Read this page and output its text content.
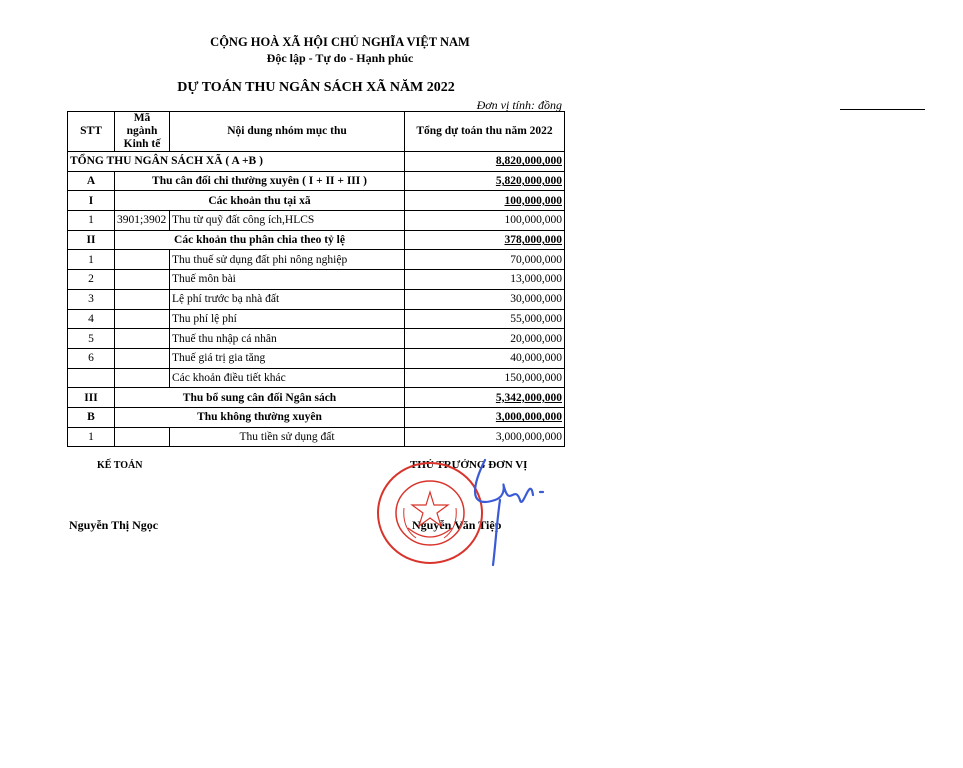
CỘNG HOÀ XÃ HỘI CHỦ NGHĨA VIỆT NAM
Độc lập - Tự do - Hạnh phúc
DỰ TOÁN THU NGÂN SÁCH XÃ NĂM 2022
Đơn vị tính: đồng
STT	Mã ngành Kinh tế	Nội dung nhóm mục thu	Tổng dự toán thu năm 2022
TỔNG THU NGÂN SÁCH XÃ ( A +B )			8,820,000,000
A	Thu cân đối chi thường xuyên ( I + II + III )		5,820,000,000
I	Các khoản thu tại xã		100,000,000
1	3901;3902	Thu từ quỹ đất công ích,HLCS	100,000,000
II	Các khoản thu phân chia theo tỷ lệ		378,000,000
1		Thu thuế sử dụng đất phi nông nghiệp	70,000,000
2		Thuế môn bài	13,000,000
3		Lệ phí trước bạ nhà đất	30,000,000
4		Thu phí lệ phí	55,000,000
5		Thuế thu nhập cá nhân	20,000,000
6		Thuế giá trị gia tăng	40,000,000
		Các khoản điều tiết khác	150,000,000
III	Thu bổ sung cân đối Ngân sách		5,342,000,000
B	Thu không thường xuyên		3,000,000,000
1		Thu tiền sử dụng đất	3,000,000,000
KẾ TOÁN
Nguyễn Thị Ngọc
THỦ TRƯỞNG ĐƠN VỊ
Nguyễn Văn Tiệp
